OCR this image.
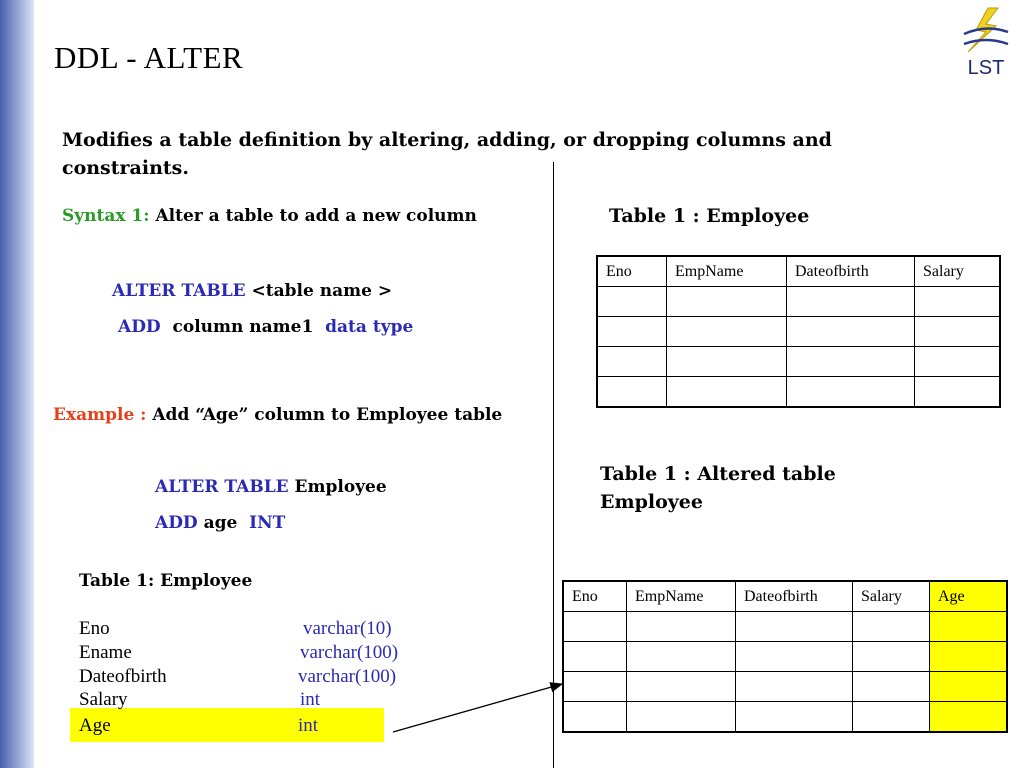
DDL - ALTER	LST
Modifies a table definition by altering, adding, or dropping columns and constraints.
Syntax 1: Alter a table to add a new column
ALTER TABLE <table name >
ADD  column name1  data type
Example : Add “Age” column to Employee table
ALTER TABLE Employee
ADD age  INT
Table 1: Employee
Eno	varchar(10)
Ename	varchar(100)
Dateofbirth	varchar(100)
Salary	int
Age	int
Table 1 : Employee
Eno	EmpName	Dateofbirth	Salary

Table 1 : Altered table
Employee
Eno	EmpName	Dateofbirth	Salary	Age
